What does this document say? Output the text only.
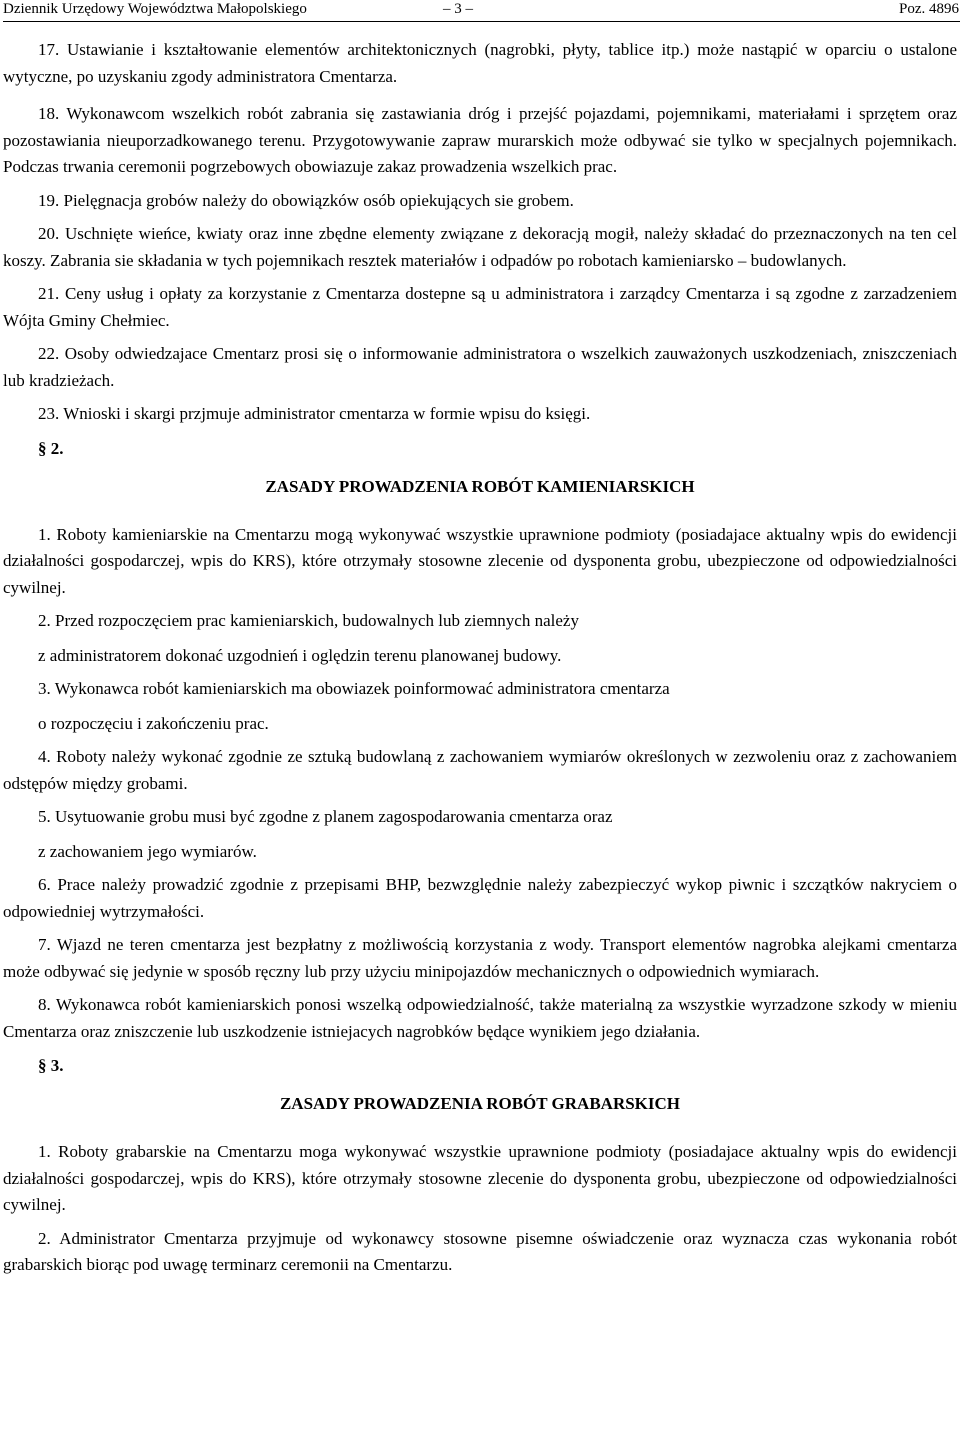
Dziennik Urzędowy Województwa Małopolskiego	– 3 –	Poz. 4896

17. Ustawianie i kształtowanie elementów architektonicznych (nagrobki, płyty, tablice itp.) może nastąpić w oparciu o ustalone wytyczne, po uzyskaniu zgody administratora Cmentarza.

18. Wykonawcom wszelkich robót zabrania się zastawiania dróg i przejść pojazdami, pojemnikami, materiałami i sprzętem oraz pozostawiania nieuporzadkowanego terenu. Przygotowywanie zapraw murarskich może odbywać sie tylko w specjalnych pojemnikach. Podczas trwania ceremonii pogrzebowych obowiazuje zakaz prowadzenia wszelkich prac.

19. Pielęgnacja grobów należy do obowiązków osób opiekujących sie grobem.

20. Uschnięte wieńce, kwiaty oraz inne zbędne elementy związane z dekoracją mogił, należy składać do przeznaczonych na ten cel koszy. Zabrania sie składania w tych pojemnikach resztek materiałów i odpadów po robotach kamieniarsko – budowlanych.

21. Ceny usług i opłaty za korzystanie z Cmentarza dostepne są u administratora i zarządcy Cmentarza i są zgodne z zarzadzeniem Wójta Gminy Chełmiec.

22. Osoby odwiedzajace Cmentarz prosi się o informowanie administratora o wszelkich zauważonych uszkodzeniach, zniszczeniach lub kradzieżach.

23. Wnioski i skargi przjmuje administrator cmentarza w formie wpisu do księgi.

§ 2.
ZASADY PROWADZENIA ROBÓT KAMIENIARSKICH

1. Roboty kamieniarskie na Cmentarzu mogą wykonywać wszystkie uprawnione podmioty (posiadajace aktualny wpis do ewidencji działalności gospodarczej, wpis do KRS), które otrzymały stosowne zlecenie od dysponenta grobu, ubezpieczone od odpowiedzialności cywilnej.

2. Przed rozpoczęciem prac kamieniarskich, budowalnych lub ziemnych należy

z administratorem dokonać uzgodnień i oględzin terenu planowanej budowy.

3. Wykonawca robót kamieniarskich ma obowiazek poinformować administratora cmentarza

o rozpoczęciu i zakończeniu prac.

4. Roboty należy wykonać zgodnie ze sztuką budowlaną z zachowaniem wymiarów określonych w zezwoleniu oraz z zachowaniem odstępów między grobami.

5. Usytuowanie grobu musi być zgodne z planem zagospodarowania cmentarza oraz

z zachowaniem jego wymiarów.

6. Prace należy prowadzić zgodnie z przepisami BHP, bezwzględnie należy zabezpieczyć wykop piwnic i szczątków nakryciem o odpowiedniej wytrzymałości.

7. Wjazd ne teren cmentarza jest bezpłatny z możliwością korzystania z wody. Transport elementów nagrobka alejkami cmentarza może odbywać się jedynie w sposób ręczny lub przy użyciu minipojazdów mechanicznych o odpowiednich wymiarach.

8. Wykonawca robót kamieniarskich ponosi wszelką odpowiedzialność, także materialną za wszystkie wyrzadzone szkody w mieniu Cmentarza oraz zniszczenie lub uszkodzenie istniejacych nagrobków będące wynikiem jego działania.

§ 3.
ZASADY PROWADZENIA ROBÓT GRABARSKICH

1. Roboty grabarskie na Cmentarzu moga wykonywać wszystkie uprawnione podmioty (posiadajace aktualny wpis do ewidencji działalności gospodarczej, wpis do KRS), które otrzymały stosowne zlecenie do dysponenta grobu, ubezpieczone od odpowiedzialności cywilnej.

2. Administrator Cmentarza przyjmuje od wykonawcy stosowne pisemne oświadczenie oraz wyznacza czas wykonania robót grabarskich biorąc pod uwagę terminarz ceremonii na Cmentarzu.
